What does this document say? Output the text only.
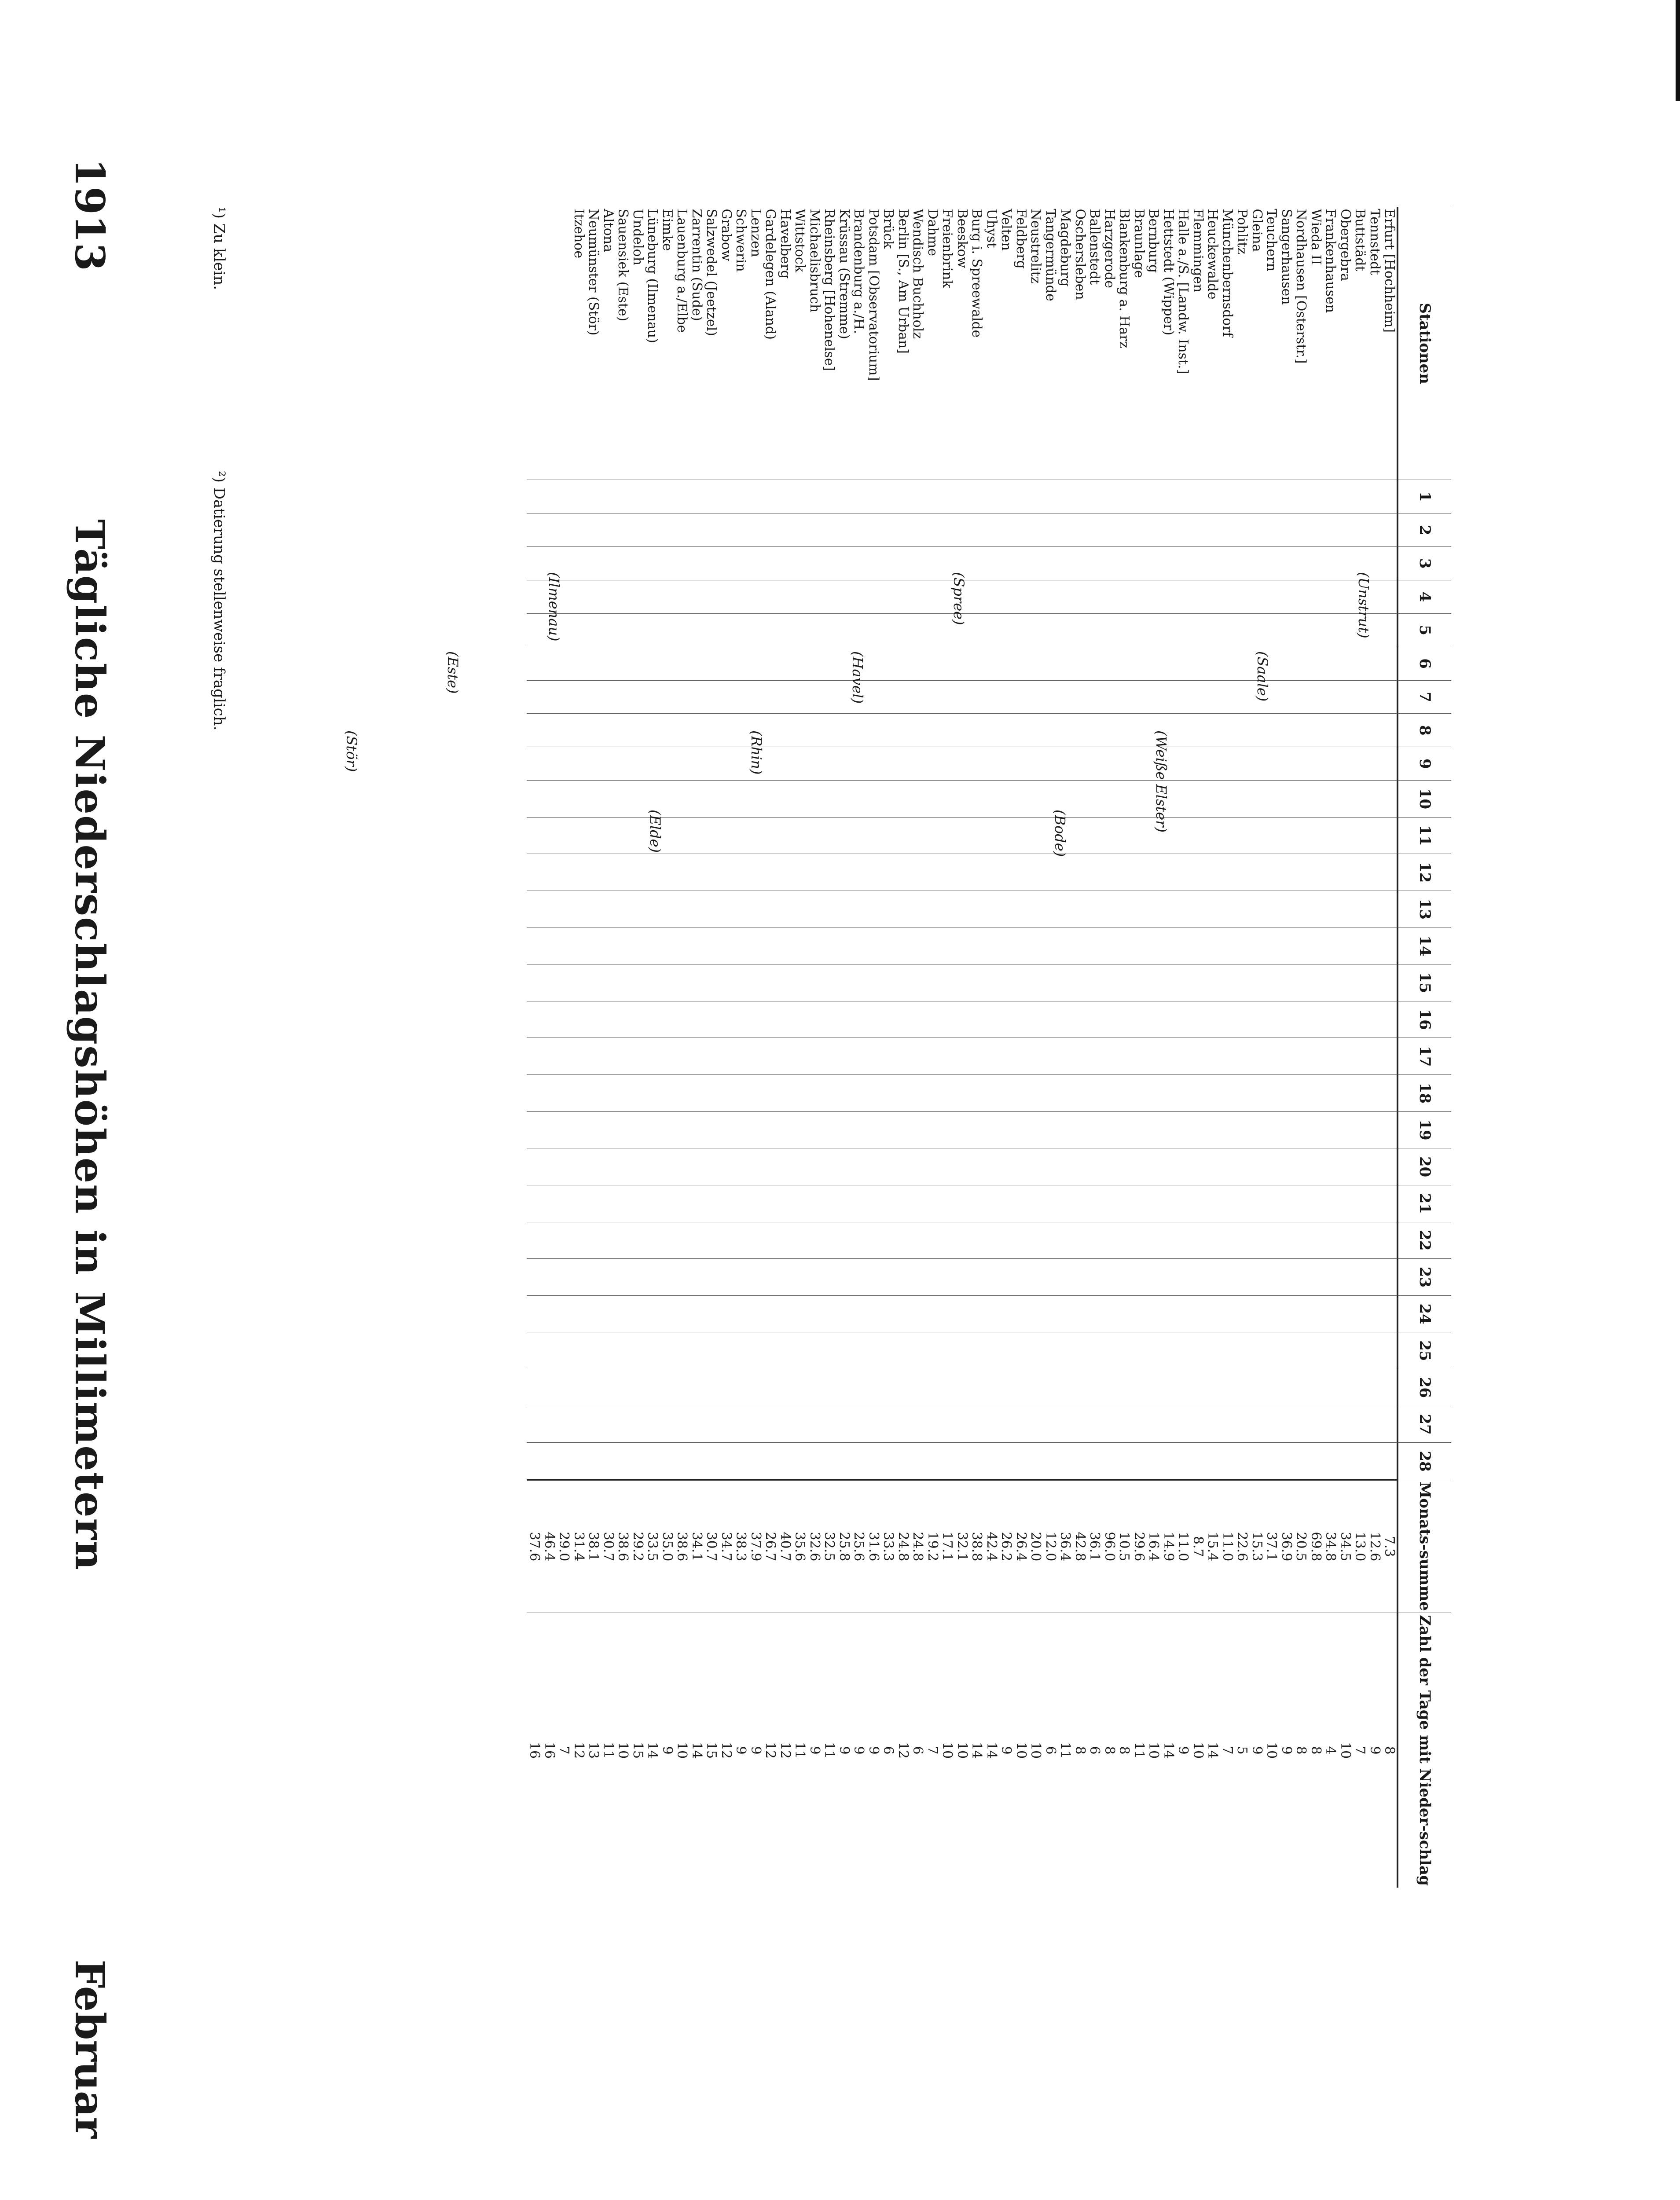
1913
Tägliche Niederschlagshöhen in Millimetern
Februar
Stationen	1	2	3	4	5	6	7	8	9	10	11	12	13	14	15	16	17	18	19	20	21	22	23	24	25	26	27	28	Monats-summe	Zahl der Tage mit Nieder-schlag
Erfurt [Hochheim]																													7.3	8
Tennstedt																													12.6	9
Buttstädt																													13.0	7
Obergebra																													34.5	10
Frankenhausen																													34.8	4
Wieda II																													69.8	8
Nordhausen [Osterstr.]																													20.5	8
Sangerhausen																													36.9	9
Teuchern																													37.1	10
Gleina																													15.3	9
Pohlitz																													22.6	5
Münchenbernsdorf																													11.0	7
Heuckewalde																													15.4	14
Flemmingen																													8.7	10
Halle a./S. [Landw. Inst.]																													11.0	9
Hettstedt (Wipper)																													14.9	14
Bernburg																													16.4	10
Braunlage																													29.6	11
Blankenburg a. Harz																													10.5	8
Harzgerode																													96.0	8
Ballenstedt																													36.1	6
Oschersleben																													42.8	8
Magdeburg																													36.4	11
Tangermünde																													12.0	6
Neustrelitz																													20.0	10
Feldberg																													26.4	10
Velten																													26.2	9
Uhyst																													42.4	14
Burg i. Spreewalde																													38.8	14
Beeskow																													32.1	10
Freienbrink																													17.1	10
Dahme																													19.2	7
Wendisch Buchholz																													24.8	6
Berlin [S., Am Urban]																													24.8	12
Brück																													33.3	6
Potsdam [Observatorium]																													31.6	9
Brandenburg a./H.																													25.6	9
Krüssau (Stremme)																													25.8	9
Rheinsberg [Hohenelse]																													32.5	11
Michaelisbruch																													32.6	9
Wittstock																													35.6	11
Havelberg																													40.7	12
Gardelegen (Aland)																													26.7	12
Lenzen																													37.9	9
Schwerin																													38.3	9
Grabow																													34.7	12
Salzwedel (Jeetzel)																													30.7	15
Zarrentin (Sude)																													34.1	14
Lauenburg a./Elbe																													38.6	10
Eimke																													35.0	9
Lüneburg (Ilmenau)																													33.5	14
Undeloh																													29.2	15
Sauensiek (Este)																													38.6	10
Altona																													30.7	11
Neumünster (Stör)																													38.1	13
Itzehoe																													31.4	12
																													29.0	7
																													46.4	16
																													37.6	16
¹) Zu klein.
²) Datierung stellenweise fraglich.	(Unstrut)
(Saale)
(Weiße Elster)
(Bode)
(Spree)
(Havel)
(Rhin)
(Elde)
(Ilmenau)
(Este)
(Stör)
